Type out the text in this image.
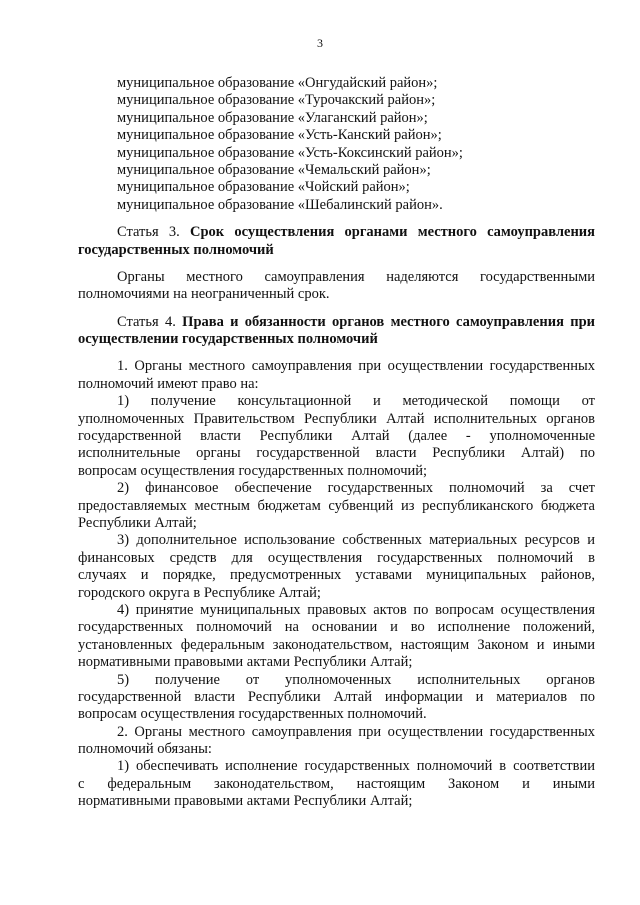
3
муниципальное образование «Онгудайский район»;
муниципальное образование «Турочакский район»;
муниципальное образование «Улаганский район»;
муниципальное образование «Усть-Канский район»;
муниципальное образование «Усть-Коксинский район»;
муниципальное образование «Чемальский район»;
муниципальное образование «Чойский район»;
муниципальное образование «Шебалинский район».
Статья 3. Срок осуществления органами местного самоуправления
государственных полномочий
Органы местного самоуправления наделяются государственными
полномочиями на неограниченный срок.
Статья 4. Права и обязанности органов местного самоуправления при
осуществлении государственных полномочий
1. Органы местного самоуправления при осуществлении государственных
полномочий имеют право на:
1) получение консультационной и методической помощи от
уполномоченных Правительством Республики Алтай исполнительных органов
государственной власти Республики Алтай (далее - уполномоченные
исполнительные органы государственной власти Республики Алтай) по
вопросам осуществления государственных полномочий;
2) финансовое обеспечение государственных полномочий за счет
предоставляемых местным бюджетам субвенций из республиканского бюджета
Республики Алтай;
3) дополнительное использование собственных материальных ресурсов и
финансовых средств для осуществления государственных полномочий в
случаях и порядке, предусмотренных уставами муниципальных районов,
городского округа в Республике Алтай;
4) принятие муниципальных правовых актов по вопросам осуществления
государственных полномочий на основании и во исполнение положений,
установленных федеральным законодательством, настоящим Законом и иными
нормативными правовыми актами Республики Алтай;
5) получение от уполномоченных исполнительных органов
государственной власти Республики Алтай информации и материалов по
вопросам осуществления государственных полномочий.
2. Органы местного самоуправления при осуществлении государственных
полномочий обязаны:
1) обеспечивать исполнение государственных полномочий в соответствии
с федеральным законодательством, настоящим Законом и иными
нормативными правовыми актами Республики Алтай;
